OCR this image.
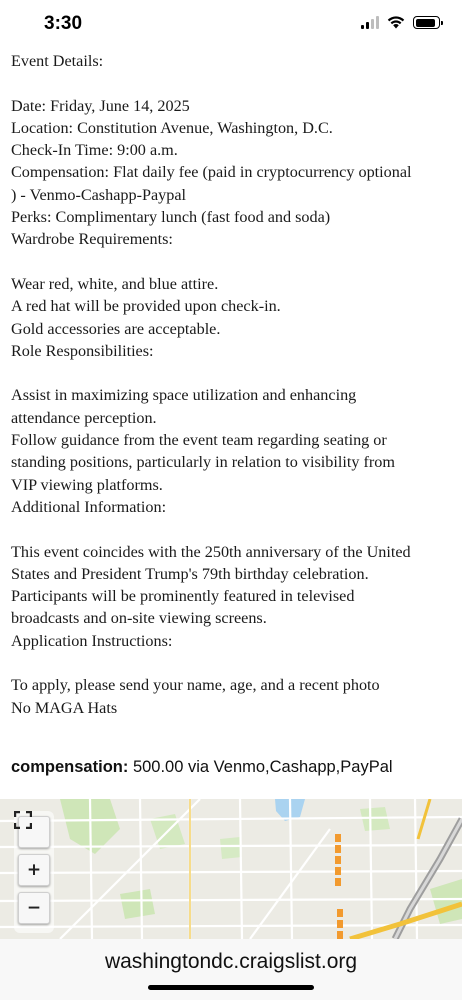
3:30
Event Details:
Date: Friday, June 14, 2025
Location: Constitution Avenue, Washington, D.C.
Check-In Time: 9:00 a.m.
Compensation: Flat daily fee (paid in cryptocurrency optional
) - Venmo-Cashapp-Paypal
Perks: Complimentary lunch (fast food and soda)
Wardrobe Requirements:
Wear red, white, and blue attire.
A red hat will be provided upon check-in.
Gold accessories are acceptable.
Role Responsibilities:
Assist in maximizing space utilization and enhancing
attendance perception.
Follow guidance from the event team regarding seating or
standing positions, particularly in relation to visibility from
VIP viewing platforms.
Additional Information:
This event coincides with the 250th anniversary of the United
States and President Trump's 79th birthday celebration.
Participants will be prominently featured in televised
broadcasts and on-site viewing screens.
Application Instructions:
To apply, please send your name, age, and a recent photo
No MAGA Hats
compensation: 500.00 via Venmo,Cashapp,PayPal
+
−
washingtondc.craigslist.org
